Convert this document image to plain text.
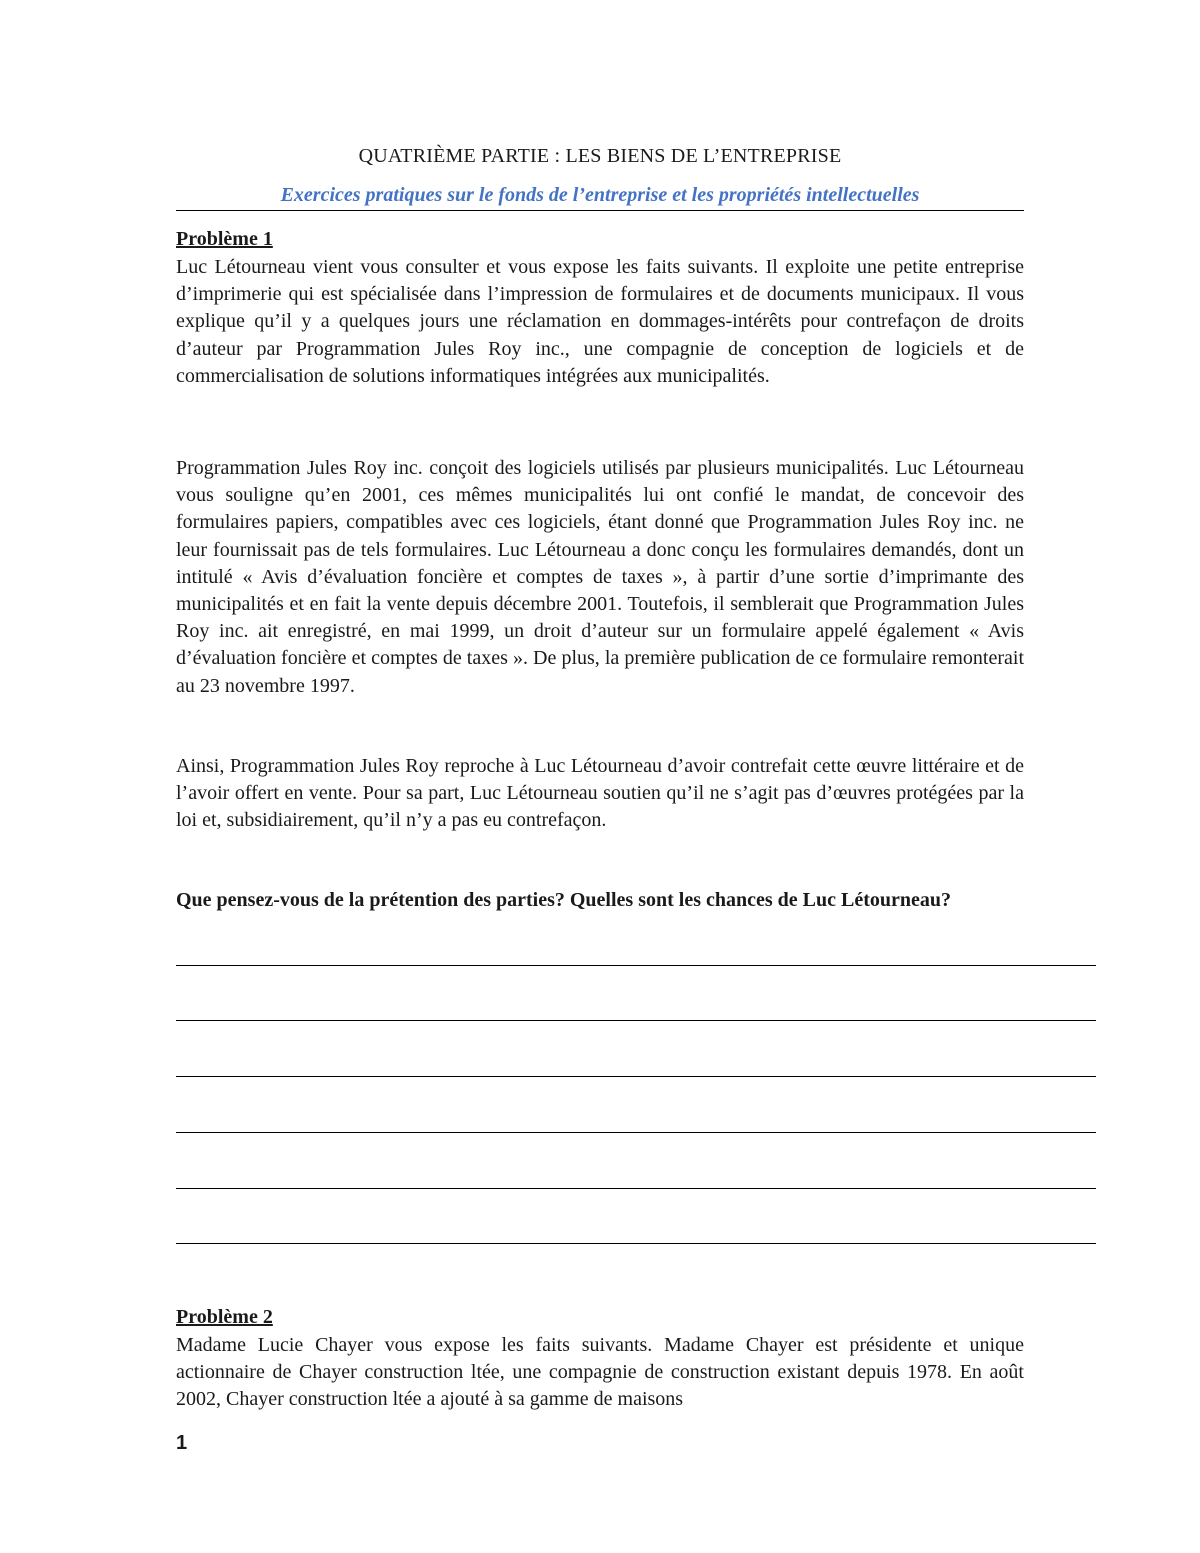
QUATRIÈME PARTIE : LES BIENS DE L’ENTREPRISE
Exercices pratiques sur le fonds de l’entreprise et les propriétés intellectuelles
Problème 1

Luc Létourneau vient vous consulter et vous expose les faits suivants. Il exploite une petite entreprise d’imprimerie qui est spécialisée dans l’impression de formulaires et de documents municipaux. Il vous explique qu’il y a quelques jours une réclamation en dommages-intérêts pour contrefaçon de droits d’auteur par Programmation Jules Roy inc., une compagnie de conception de logiciels et de commercialisation de solutions informatiques intégrées aux municipalités.

Programmation Jules Roy inc. conçoit des logiciels utilisés par plusieurs municipalités. Luc Létourneau vous souligne qu’en 2001, ces mêmes municipalités lui ont confié le mandat, de concevoir des formulaires papiers, compatibles avec ces logiciels, étant donné que Programmation Jules Roy inc. ne leur fournissait pas de tels formulaires. Luc Létourneau a donc conçu les formulaires demandés, dont un intitulé « Avis d’évaluation foncière et comptes de taxes », à partir d’une sortie d’imprimante des municipalités et en fait la vente depuis décembre 2001. Toutefois, il semblerait que Programmation Jules Roy inc. ait enregistré, en mai 1999, un droit d’auteur sur un formulaire appelé également « Avis d’évaluation foncière et comptes de taxes ». De plus, la première publication de ce formulaire remonterait au 23 novembre 1997.

Ainsi, Programmation Jules Roy reproche à Luc Létourneau d’avoir contrefait cette œuvre littéraire et de l’avoir offert en vente. Pour sa part, Luc Létourneau soutien qu’il ne s’agit pas d’œuvres protégées par la loi et, subsidiairement, qu’il n’y a pas eu contrefaçon.

Que pensez-vous de la prétention des parties? Quelles sont les chances de Luc Létourneau?

Problème 2

Madame Lucie Chayer vous expose les faits suivants. Madame Chayer est présidente et unique actionnaire de Chayer construction ltée, une compagnie de construction existant depuis 1978. En août 2002, Chayer construction ltée a ajouté à sa gamme de maisons

1
